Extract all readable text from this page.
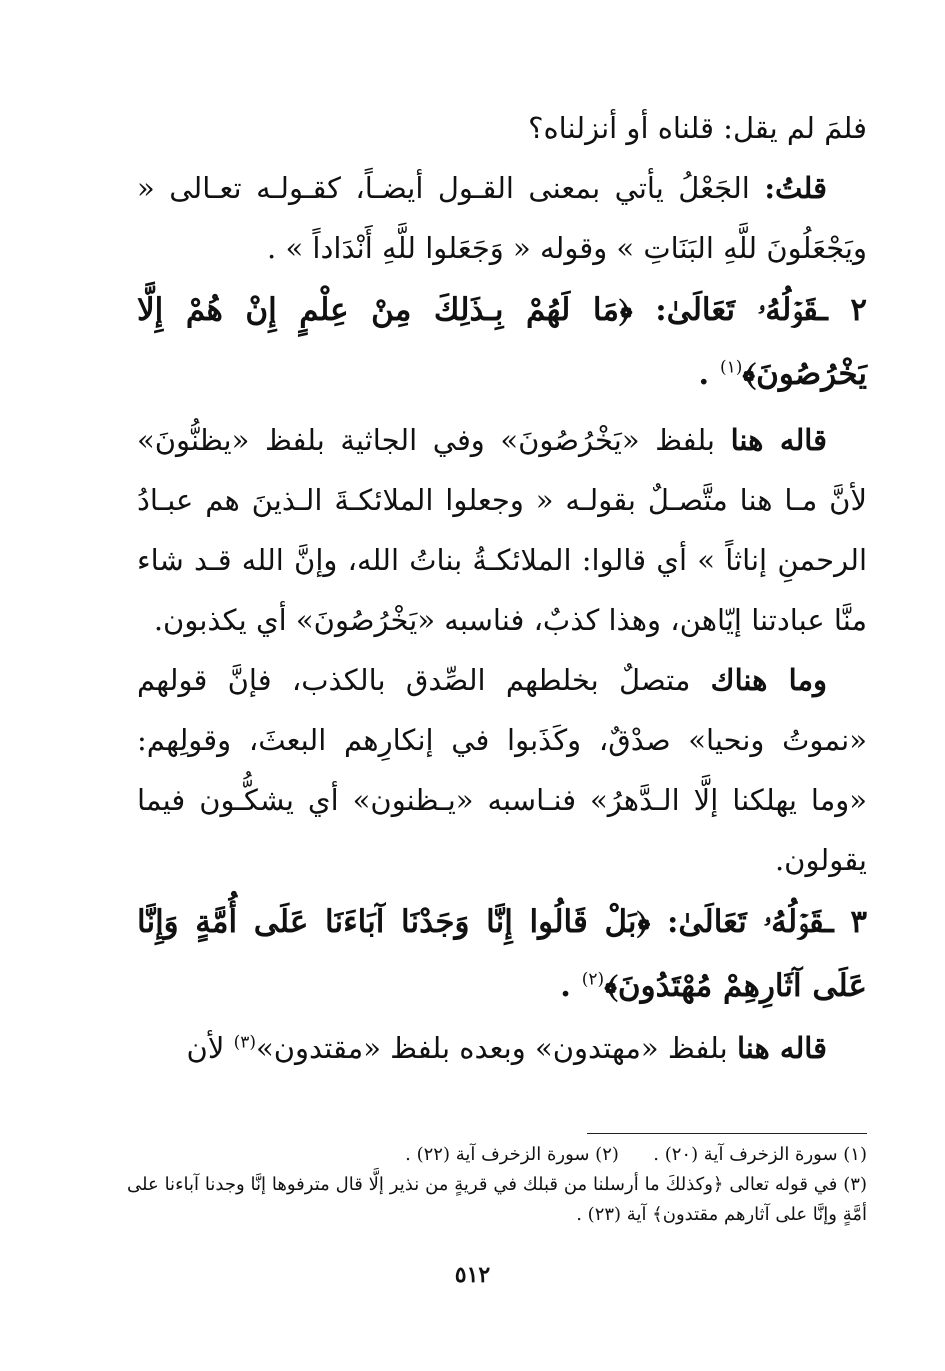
فلمَ لم يقل: قلناه أو أنزلناه؟

قلتُ: الجَعْلُ يأتي بمعنى القـول أيضـاً، كقـولـه تعـالى « ويَجْعَلُونَ للَّهِ البَنَاتِ » وقوله « وَجَعَلوا للَّهِ أَنْدَاداً » .

٢ ـقَوۡلُهُۥ تَعَالَىٰ: ﴿مَا لَهُمْ بِـذَلِكَ مِنْ عِلْمٍ إِنْ هُمْ إِلَّا يَخْرُصُونَ﴾$^{(١)}$ .

قاله هنا بلفظ «يَخْرُصُونَ» وفي الجاثية بلفظ «يظنُّونَ» لأنَّ مـا هنا متَّصـلٌ بقولـه « وجعلوا الملائكـةَ الـذينَ هم عبـادُ الرحمنِ إناثاً » أي قالوا: الملائكـةُ بناتُ الله، وإنَّ الله قـد شاء منَّا عبادتنا إيّاهن، وهذا كذبٌ، فناسبه «يَخْرُصُونَ» أي يكذبون.

وما هناك متصلٌ بخلطهم الصِّدق بالكذب، فإنَّ قولهم «نموتُ ونحيا» صدْقٌ، وكَذَبوا في إنكارِهم البعثَ، وقولِهم: «وما يهلكنا إلَّا الـدَّهرُ» فنـاسبه «يـظنون» أي يشكُّـون فيما يقولون.

٣ ـقَوۡلُهُۥ تَعَالَىٰ: ﴿بَلْ قَالُوا إِنَّا وَجَدْنَا آبَاءَنَا عَلَى أُمَّةٍ وَإِنَّا عَلَى آثَارِهِمْ مُهْتَدُونَ﴾$^{(٢)}$ .

قاله هنا بلفظ «مهتدون» وبعده بلفظ «مقتدون»$^{(٣)}$ لأن

(١) سورة الزخرف آية (٢٠) .      (٢) سورة الزخرف آية (٢٢) .

(٣) في قوله تعالى ﴿وكذلكَ ما أرسلنا من قبلك في قريةٍ من نذير إلَّا قال مترفوها إنَّا وجدنا آباءنا على أمَّةٍ وإنَّا على آثارهم مقتدون﴾ آية (٢٣) .

٥١٢
